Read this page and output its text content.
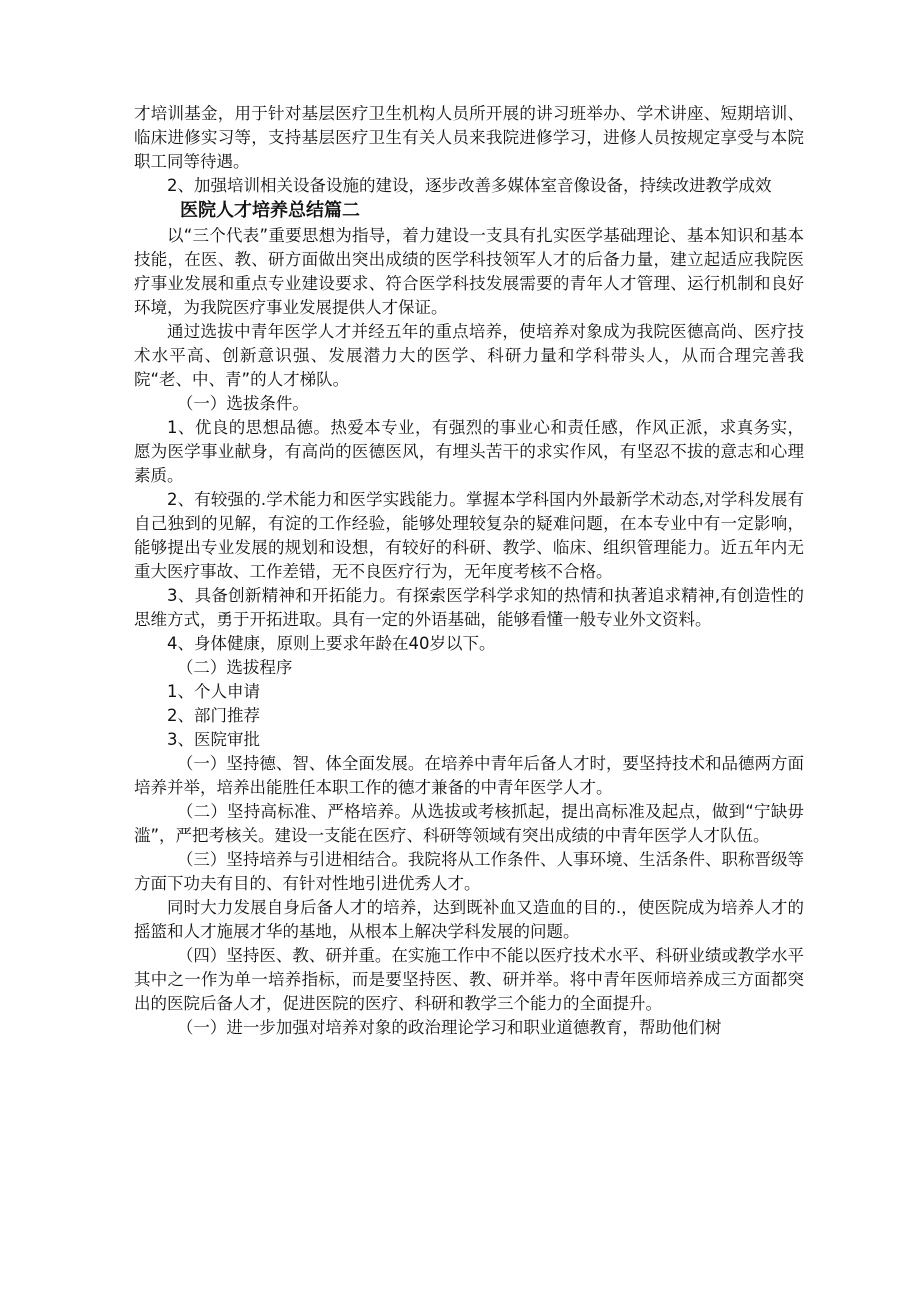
才培训基金，用于针对基层医疗卫生机构人员所开展的讲习班举办、学术讲座、短期培训、临床进修实习等，支持基层医疗卫生有关人员来我院进修学习，进修人员按规定享受与本院职工同等待遇。

2、加强培训相关设备设施的建设，逐步改善多媒体室音像设备，持续改进教学成效

医院人才培养总结篇二

以“三个代表”重要思想为指导，着力建设一支具有扎实医学基础理论、基本知识和基本技能，在医、教、研方面做出突出成绩的医学科技领军人才的后备力量，建立起适应我院医疗事业发展和重点专业建设要求、符合医学科技发展需要的青年人才管理、运行机制和良好环境，为我院医疗事业发展提供人才保证。

通过选拔中青年医学人才并经五年的重点培养，使培养对象成为我院医德高尚、医疗技术水平高、创新意识强、发展潜力大的医学、科研力量和学科带头人，从而合理完善我院“老、中、青”的人才梯队。

（一）选拔条件。

1、优良的思想品德。热爱本专业，有强烈的事业心和责任感，作风正派，求真务实，愿为医学事业献身，有高尚的医德医风，有埋头苦干的求实作风，有坚忍不拔的意志和心理素质。

2、有较强的.学术能力和医学实践能力。掌握本学科国内外最新学术动态,对学科发展有自己独到的见解，有淀的工作经验，能够处理较复杂的疑难问题，在本专业中有一定影响，能够提出专业发展的规划和设想，有较好的科研、教学、临床、组织管理能力。近五年内无重大医疗事故、工作差错，无不良医疗行为，无年度考核不合格。

3、具备创新精神和开拓能力。有探索医学科学求知的热情和执著追求精神,有创造性的思维方式，勇于开拓进取。具有一定的外语基础，能够看懂一般专业外文资料。

4、身体健康，原则上要求年龄在40岁以下。

（二）选拔程序

1、个人申请

2、部门推荐

3、医院审批

（一）坚持德、智、体全面发展。在培养中青年后备人才时，要坚持技术和品德两方面培养并举，培养出能胜任本职工作的德才兼备的中青年医学人才。

（二）坚持高标准、严格培养。从选拔或考核抓起，提出高标准及起点，做到“宁缺毋滥”，严把考核关。建设一支能在医疗、科研等领域有突出成绩的中青年医学人才队伍。

（三）坚持培养与引进相结合。我院将从工作条件、人事环境、生活条件、职称晋级等方面下功夫有目的、有针对性地引进优秀人才。

同时大力发展自身后备人才的培养，达到既补血又造血的目的.，使医院成为培养人才的摇篮和人才施展才华的基地，从根本上解决学科发展的问题。

（四）坚持医、教、研并重。在实施工作中不能以医疗技术水平、科研业绩或教学水平其中之一作为单一培养指标，而是要坚持医、教、研并举。将中青年医师培养成三方面都突出的医院后备人才，促进医院的医疗、科研和教学三个能力的全面提升。

（一）进一步加强对培养对象的政治理论学习和职业道德教育，帮助他们树
